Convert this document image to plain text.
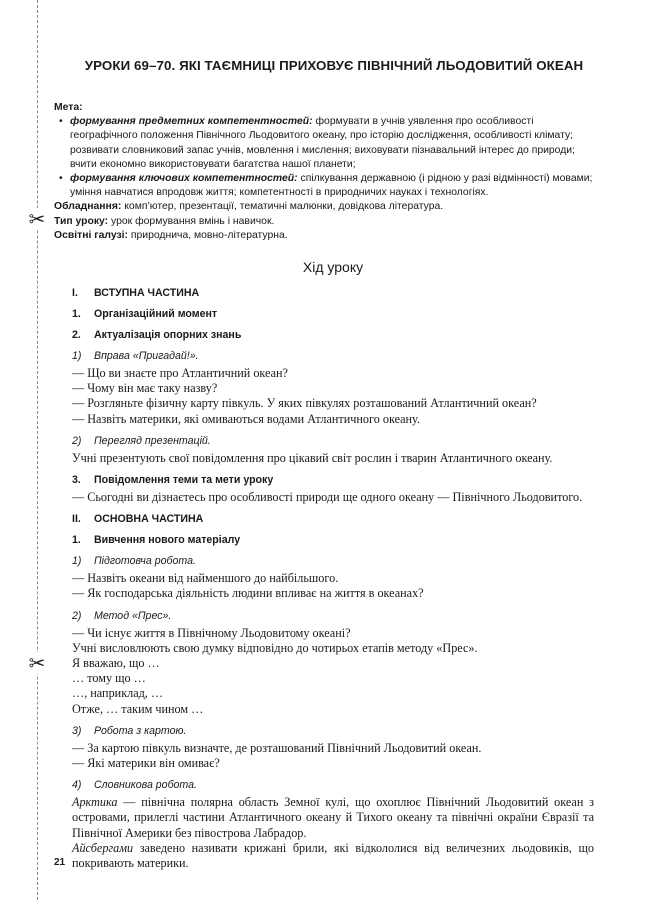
✂
✂
УРОКИ 69–70. ЯКІ ТАЄМНИЦІ ПРИХОВУЄ ПІВНІЧНИЙ ЛЬОДОВИТИЙ ОКЕАН
Мета:
• формування предметних компетентностей: формувати в учнів уявлення про особливості географічного положення Північного Льодовитого океану, про історію дослідження, особливості клімату; розвивати словниковий запас учнів, мовлення і мислення; виховувати пізнавальний інтерес до природи; вчити економно використовувати багатства нашої планети;
• формування ключових компетентностей: спілкування державною (і рідною у разі відмінності) мовами; уміння навчатися впродовж життя; компетентності в природничих науках і технологіях.
Обладнання: комп’ютер, презентації, тематичні малюнки, довідкова література.
Тип уроку: урок формування вмінь і навичок.
Освітні галузі: природнича, мовно-літературна.
Хід уроку
I.	ВСТУПНА ЧАСТИНА
1.	Організаційний момент
2.	Актуалізація опорних знань
1)	Вправа «Пригадай!».

— Що ви знаєте про Атлантичний океан?

— Чому він має таку назву?

— Розгляньте фізичну карту півкуль. У яких півкулях розташований Атлантичний океан?

— Назвіть материки, які омиваються водами Атлантичного океану.

2)	Перегляд презентацій.

Учні презентують свої повідомлення про цікавий світ рослин і тварин Атлантичного океану.

3.	Повідомлення теми та мети уроку

— Сьогодні ви дізнаєтесь про особливості природи ще одного океану — Північного Льодовитого.

II.	ОСНОВНА ЧАСТИНА
1.	Вивчення нового матеріалу
1)	Підготовча робота.

— Назвіть океани від найменшого до найбільшого.

— Як господарська діяльність людини впливає на життя в океанах?

2)	Метод «Прес».

— Чи існує життя в Північному Льодовитому океані?

Учні висловлюють свою думку відповідно до чотирьох етапів методу «Прес».

Я вважаю, що …

… тому що …

…, наприклад, …

Отже, … таким чином …

3)	Робота з картою.

— За картою півкуль визначте, де розташований Північний Льодовитий океан.

— Які материки він омиває?

4)	Словникова робота.

Арктика — північна полярна область Земної кулі, що охоплює Північний Льодовитий океан з островами, прилеглі частини Атлантичного океану й Тихого океану та північні окраїни Євразії та Північної Америки без півострова Лабрадор.

Айсбергами заведено називати крижані брили, які відкололися від величезних льодовиків, що покривають материки.

21
